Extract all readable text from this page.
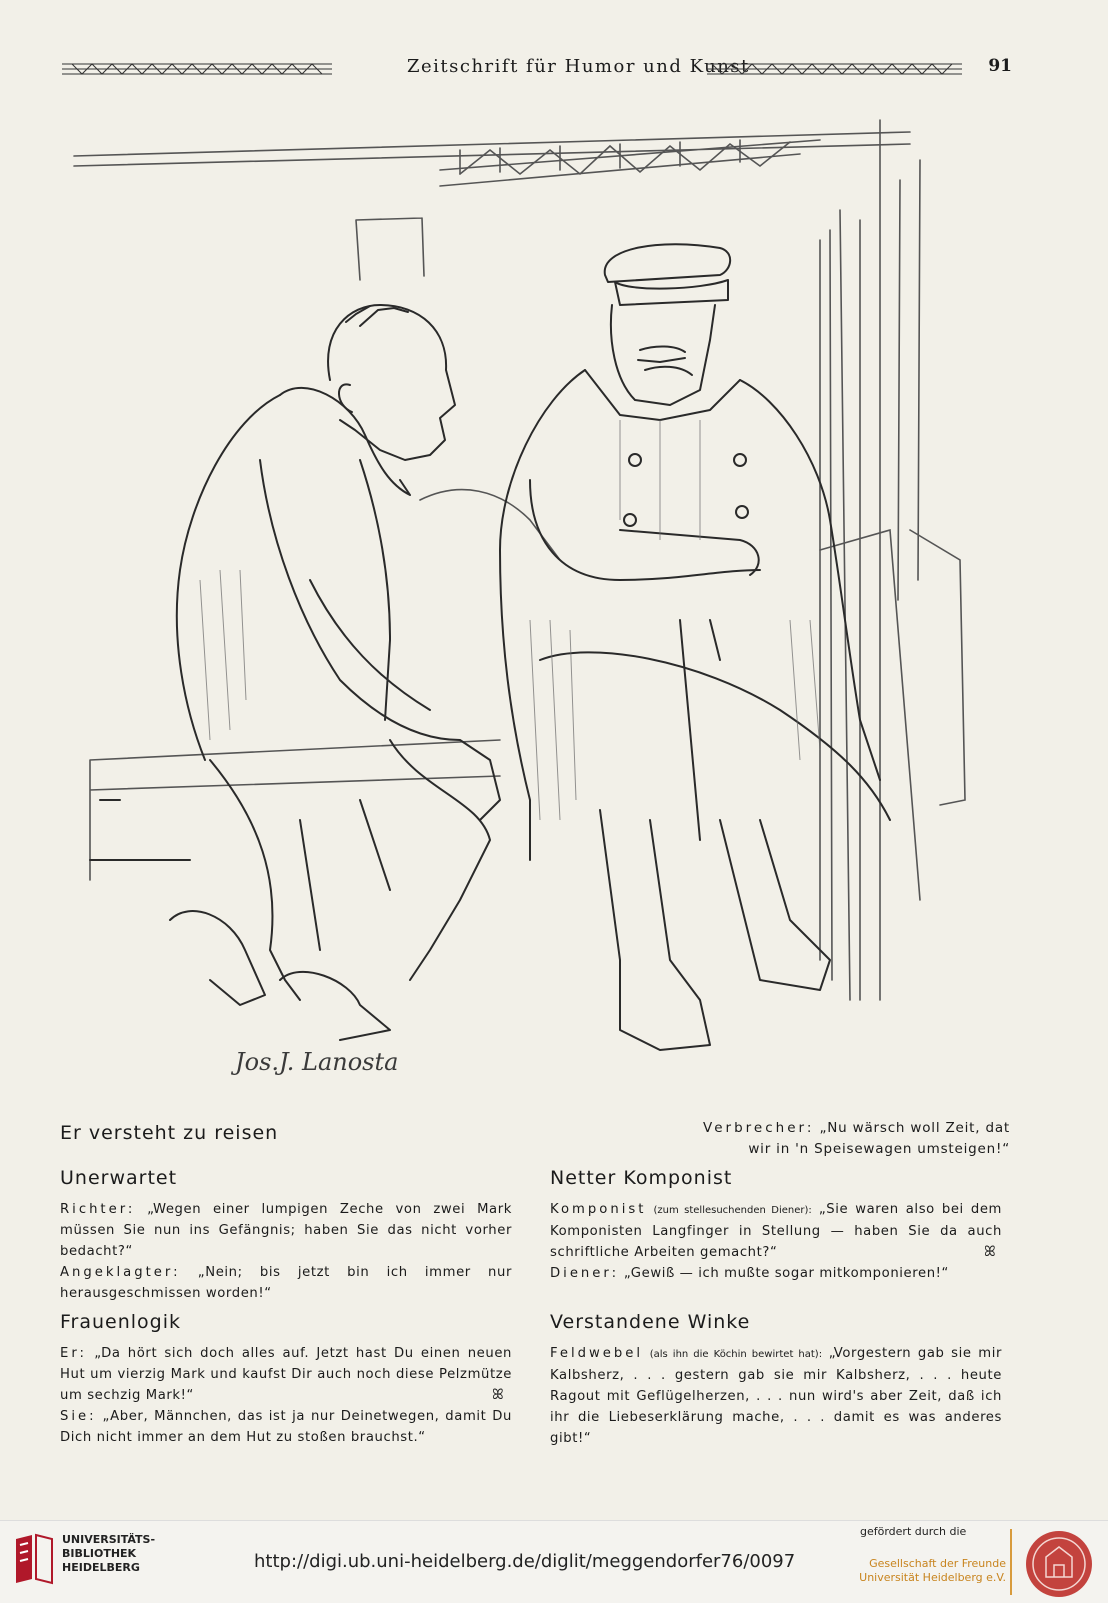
Zeitschrift für Humor und Kunst	91
Jos.J. Lanosta
Er versteht zu reisen	Verbrecher: „Nu wärsch woll Zeit, dat

wir in 'n Speisewagen umsteigen!“

Unerwartet

Richter: „Wegen einer lumpigen Zeche von zwei Mark müssen Sie nun ins Gefängnis; haben Sie das nicht vorher bedacht?“

Angeklagter: „Nein; bis jetzt bin ich immer nur herausgeschmissen worden!“

Frauenlogik

Er: „Da hört sich doch alles auf. Jetzt hast Du einen neuen Hut um vierzig Mark und kaufst Dir auch noch diese Pelzmütze um sechzig Mark!“

Sie: „Aber, Männchen, das ist ja nur Deinetwegen, damit Du Dich nicht immer an dem Hut zu stoßen brauchst.“

ꕤ
Netter Komponist

Komponist (zum stellesuchenden Diener): „Sie waren also bei dem Komponisten Langfinger in Stellung — haben Sie da auch schriftliche Arbeiten gemacht?“

Diener: „Gewiß — ich mußte sogar mitkomponieren!“

ꕤ
Verstandene Winke

Feldwebel (als ihn die Köchin bewirtet hat): „Vorgestern gab sie mir Kalbsherz, . . . gestern gab sie mir Kalbsherz, . . . heute Ragout mit Geflügelherzen, . . . nun wird's aber Zeit, daß ich ihr die Liebeserklärung mache, . . . damit es was anderes gibt!“

UNIVERSITÄTS-
BIBLIOTHEK
HEIDELBERG	http://digi.ub.uni-heidelberg.de/diglit/meggendorfer76/0097
gefördert durch die
Gesellschaft der Freunde
Universität Heidelberg e.V.
